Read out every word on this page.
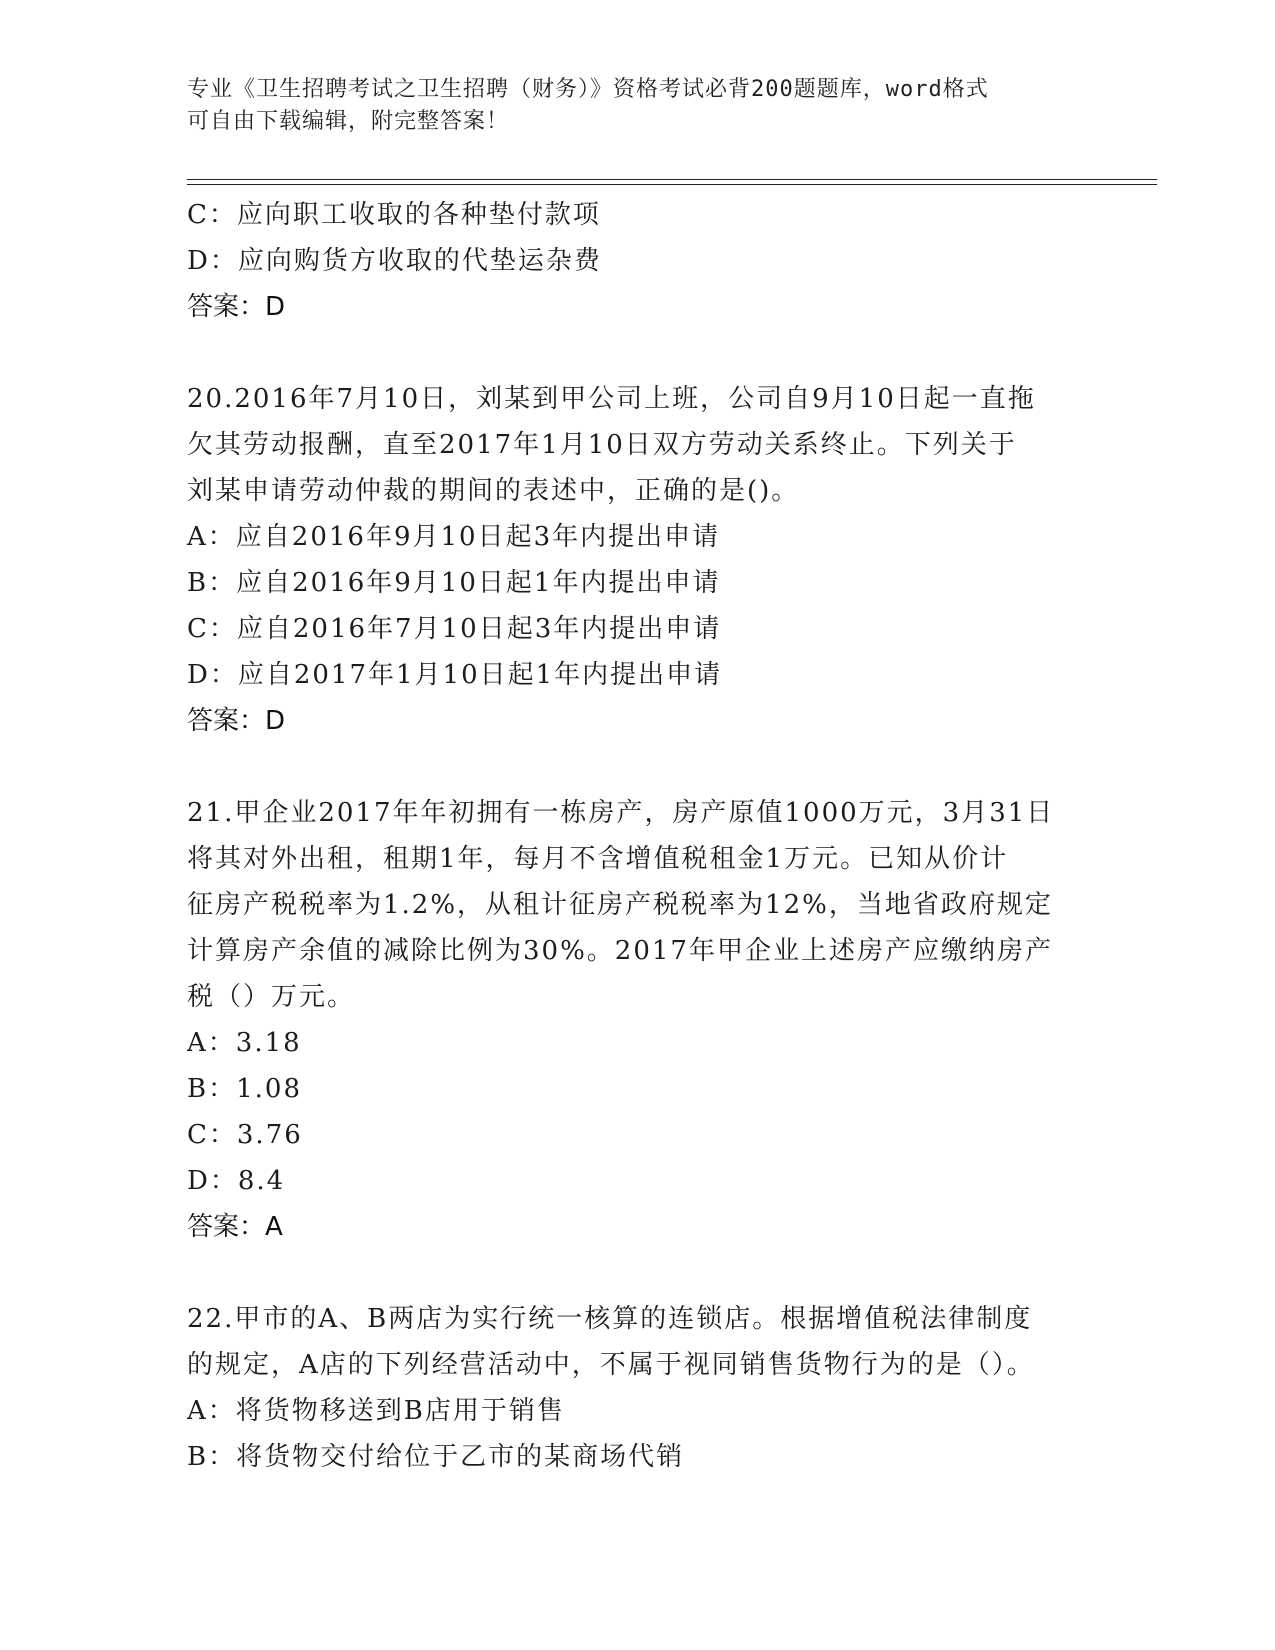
专业《卫生招聘考试之卫生招聘（财务）》资格考试必背200题题库，word格式
可自由下载编辑，附完整答案！
C：应向职工收取的各种垫付款项
D：应向购货方收取的代垫运杂费
答案：D
20.2016年7月10日，刘某到甲公司上班，公司自9月10日起一直拖
欠其劳动报酬，直至2017年1月10日双方劳动关系终止。下列关于
刘某申请劳动仲裁的期间的表述中，正确的是()。
A：应自2016年9月10日起3年内提出申请
B：应自2016年9月10日起1年内提出申请
C：应自2016年7月10日起3年内提出申请
D：应自2017年1月10日起1年内提出申请
答案：D
21.甲企业2017年年初拥有一栋房产，房产原值1000万元，3月31日
将其对外出租，租期1年，每月不含增值税租金1万元。已知从价计
征房产税税率为1.2%，从租计征房产税税率为12%，当地省政府规定
计算房产余值的减除比例为30%。2017年甲企业上述房产应缴纳房产
税（）万元。
A：3.18
B：1.08
C：3.76
D：8.4
答案：A
22.甲市的A、B两店为实行统一核算的连锁店。根据增值税法律制度
的规定，A店的下列经营活动中，不属于视同销售货物行为的是（）。
A：将货物移送到B店用于销售
B：将货物交付给位于乙市的某商场代销
